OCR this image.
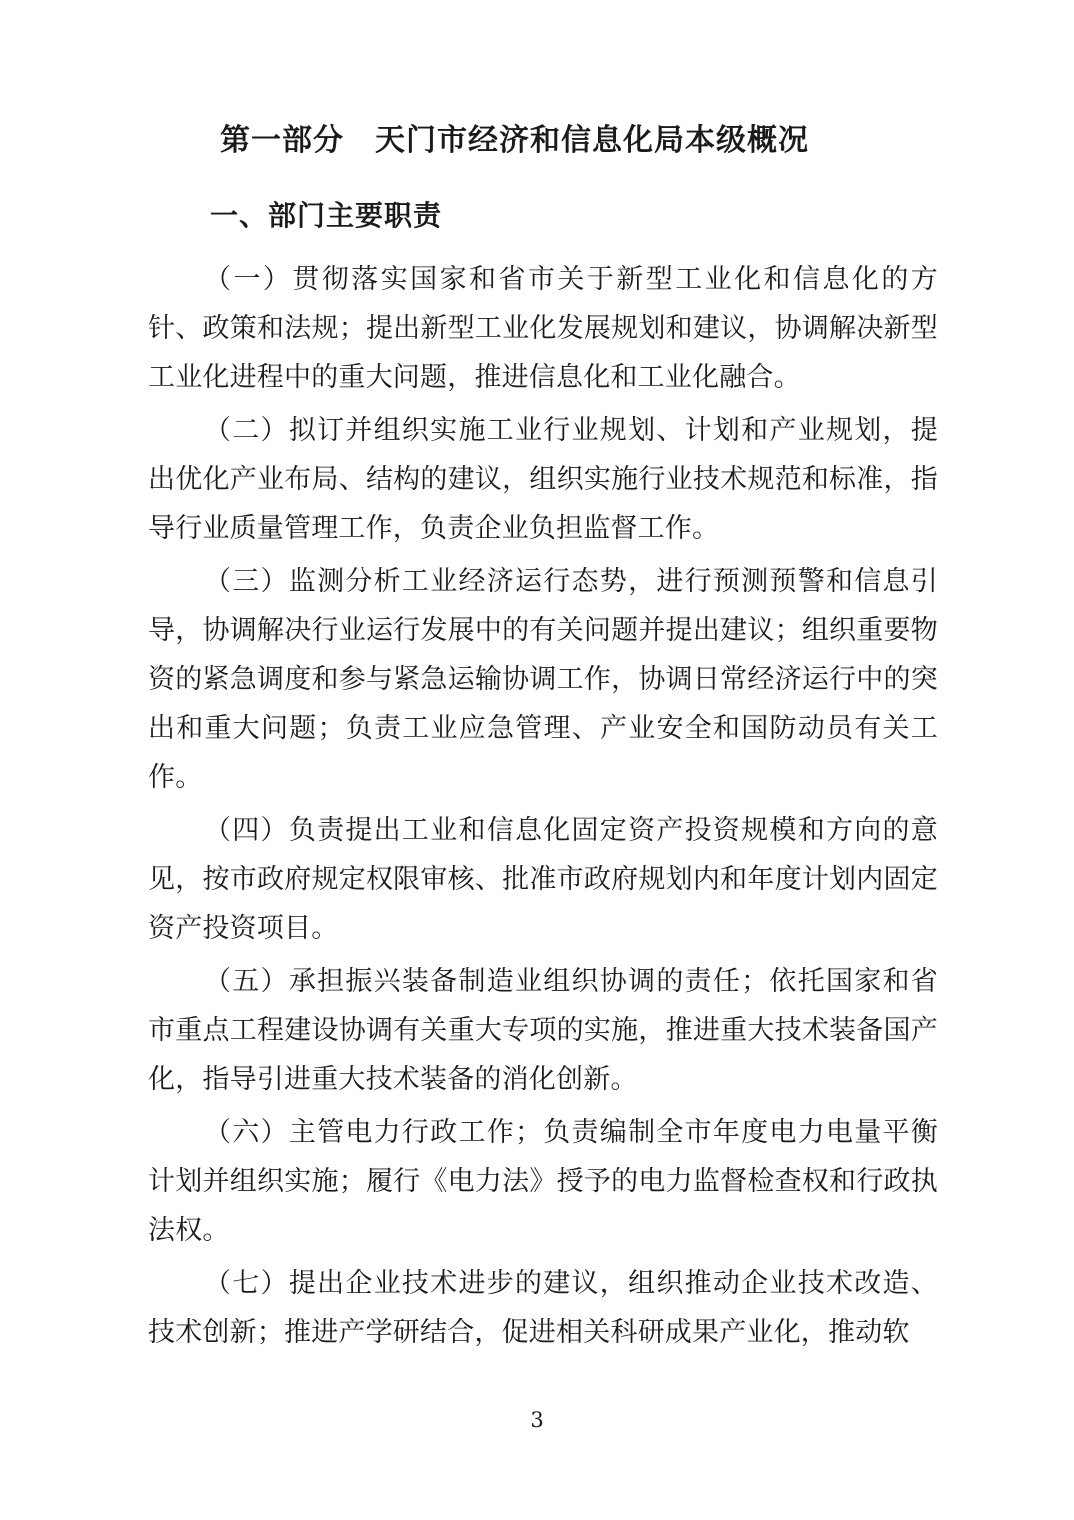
第一部分　天门市经济和信息化局本级概况
一、部门主要职责

（一）贯彻落实国家和省市关于新型工业化和信息化的方针、政策和法规；提出新型工业化发展规划和建议，协调解决新型工业化进程中的重大问题，推进信息化和工业化融合。

（二）拟订并组织实施工业行业规划、计划和产业规划，提出优化产业布局、结构的建议，组织实施行业技术规范和标准，指导行业质量管理工作，负责企业负担监督工作。

（三）监测分析工业经济运行态势，进行预测预警和信息引导，协调解决行业运行发展中的有关问题并提出建议；组织重要物资的紧急调度和参与紧急运输协调工作，协调日常经济运行中的突出和重大问题；负责工业应急管理、产业安全和国防动员有关工作。

（四）负责提出工业和信息化固定资产投资规模和方向的意见，按市政府规定权限审核、批准市政府规划内和年度计划内固定资产投资项目。

（五）承担振兴装备制造业组织协调的责任；依托国家和省市重点工程建设协调有关重大专项的实施，推进重大技术装备国产化，指导引进重大技术装备的消化创新。

（六）主管电力行政工作；负责编制全市年度电力电量平衡计划并组织实施；履行《电力法》授予的电力监督检查权和行政执法权。

（七）提出企业技术进步的建议，组织推动企业技术改造、技术创新；推进产学研结合，促进相关科研成果产业化，推动软

3
